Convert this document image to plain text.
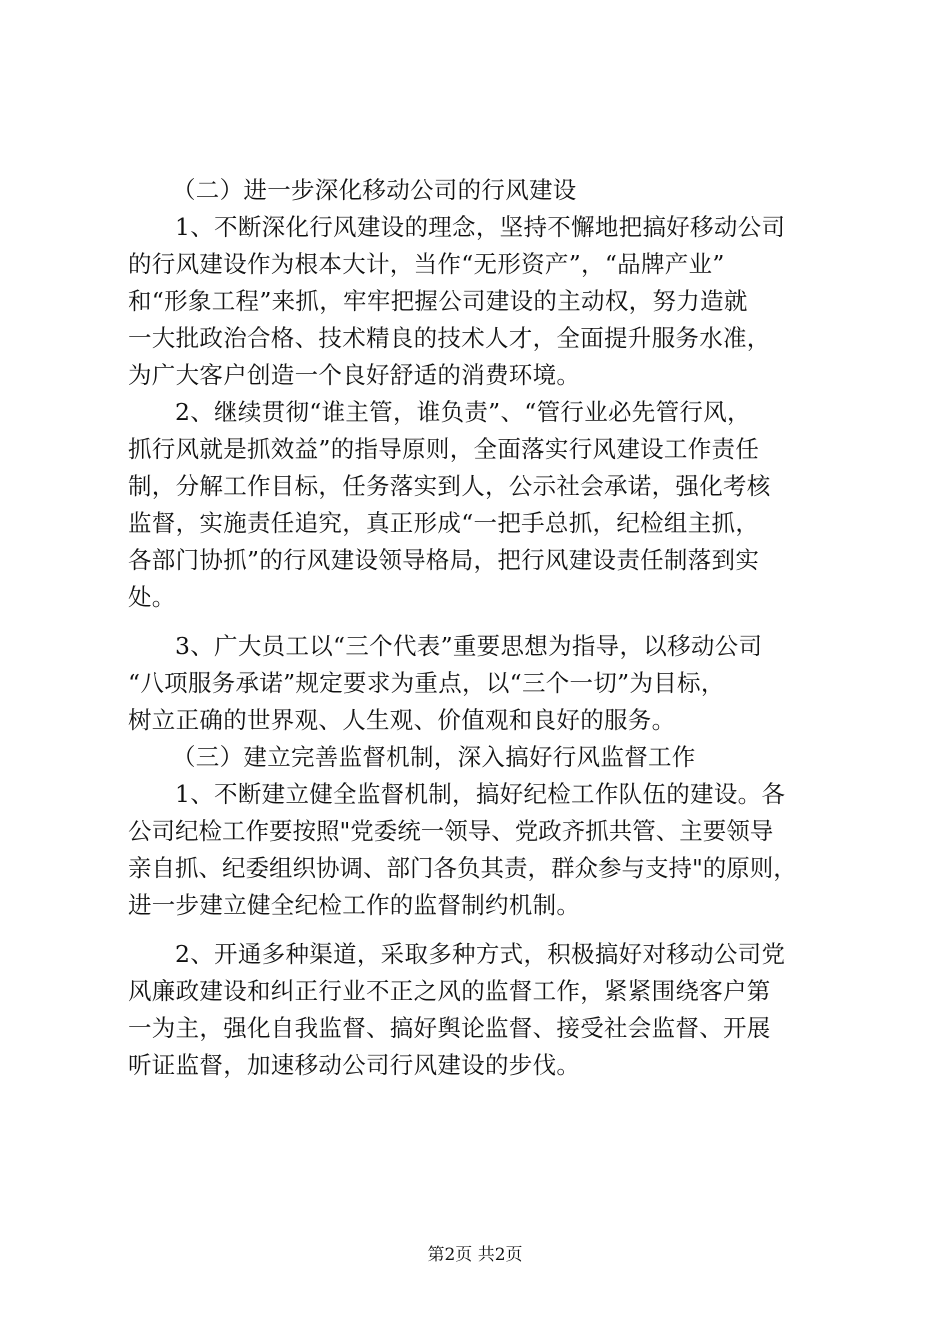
（二）进一步深化移动公司的行风建设
1、不断深化行风建设的理念，坚持不懈地把搞好移动公司
的行风建设作为根本大计，当作“无形资产”，“品牌产业”
和“形象工程”来抓，牢牢把握公司建设的主动权，努力造就
一大批政治合格、技术精良的技术人才，全面提升服务水准，
为广大客户创造一个良好舒适的消费环境。
2、继续贯彻“谁主管，谁负责”、“管行业必先管行风，
抓行风就是抓效益”的指导原则，全面落实行风建设工作责任
制，分解工作目标，任务落实到人，公示社会承诺，强化考核
监督，实施责任追究，真正形成“一把手总抓，纪检组主抓，
各部门协抓”的行风建设领导格局，把行风建设责任制落到实
处。
3、广大员工以“三个代表”重要思想为指导，以移动公司
“八项服务承诺”规定要求为重点，以“三个一切”为目标，
树立正确的世界观、人生观、价值观和良好的服务。
（三）建立完善监督机制，深入搞好行风监督工作
1、不断建立健全监督机制，搞好纪检工作队伍的建设。各
公司纪检工作要按照"党委统一领导、党政齐抓共管、主要领导
亲自抓、纪委组织协调、部门各负其责，群众参与支持"的原则，
进一步建立健全纪检工作的监督制约机制。
2、开通多种渠道，采取多种方式，积极搞好对移动公司党
风廉政建设和纠正行业不正之风的监督工作，紧紧围绕客户第
一为主，强化自我监督、搞好舆论监督、接受社会监督、开展
听证监督，加速移动公司行风建设的步伐。
第2页 共2页
